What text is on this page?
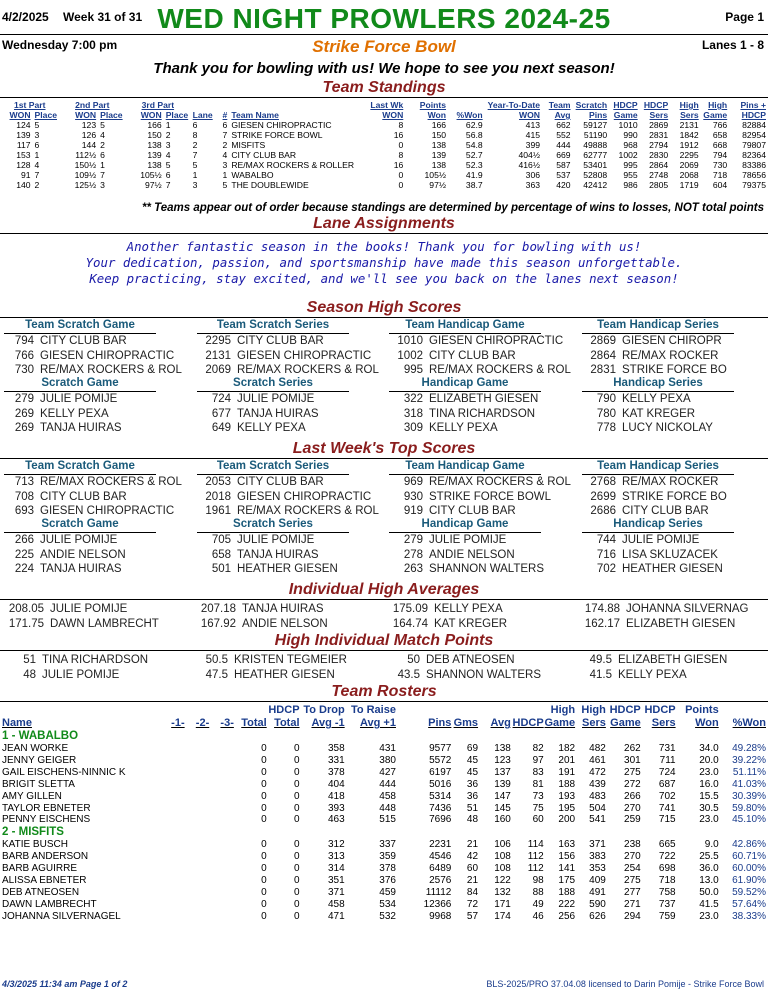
WED NIGHT PROWLERS 2024-25
4/2/2025 Week 31 of 31	Page 1
Wednesday 7:00 pm	Strike Force Bowl	Lanes 1 - 8
Thank you for bowling with us! We hope to see you next season!
Team Standings
1st Part		2nd Part		3rd Part					Last Wk	Points		Year-To-Date	Team	Scratch	HDCP	HDCP	High	High	Pins +
WON	Place	WON	Place	WON	Place	Lane	#	Team Name	WON	Won	%Won	WON	Avg	Pins	Game	Sers	Sers	Game	HDCP
124	5	123	5	166	1	6	6	GIESEN CHIROPRACTIC	8	166	62.9	413	662	59127	1010	2869	2131	766	82884
139	3	126	4	150	2	8	7	STRIKE FORCE BOWL	16	150	56.8	415	552	51190	990	2831	1842	658	82954
117	6	144	2	138	3	2	2	MISFITS	0	138	54.8	399	444	49888	968	2794	1912	668	79807
153	1	112½	6	139	4	7	4	CITY CLUB BAR	8	139	52.7	404½	669	62777	1002	2830	2295	794	82364
128	4	150½	1	138	5	5	3	RE/MAX ROCKERS & ROLLER	16	138	52.3	416½	587	53401	995	2864	2069	730	83386
91	7	109½	7	105½	6	1	1	WABALBO	0	105½	41.9	306	537	52808	955	2748	2068	718	78656
140	2	125½	3	97½	7	3	5	THE DOUBLEWIDE	0	97½	38.7	363	420	42412	986	2805	1719	604	79375
** Teams appear out of order because standings are determined by percentage of wins to losses, NOT total points
Lane Assignments
Another fantastic season in the books! Thank you for bowling with us!
Your dedication, passion, and sportsmanship have made this season unforgettable.
Keep practicing, stay excited, and we'll see you back on the lanes next season!
Season High Scores
Team Scratch Game	Team Scratch Series	Team Handicap Game	Team Handicap Series
794 CITY CLUB BAR	2295 CITY CLUB BAR	1010 GIESEN CHIROPRACTIC	2869 GIESEN CHIROPR
766 GIESEN CHIROPRACTIC	2131 GIESEN CHIROPRACTIC	1002 CITY CLUB BAR	2864 RE/MAX ROCKER
730 RE/MAX ROCKERS & ROL	2069 RE/MAX ROCKERS & ROL	995 RE/MAX ROCKERS & ROL	2831 STRIKE FORCE BO
Scratch Game	Scratch Series	Handicap Game	Handicap Series
279 JULIE POMIJE	724 JULIE POMIJE	322 ELIZABETH GIESEN	790 KELLY PEXA
269 KELLY PEXA	677 TANJA HUIRAS	318 TINA RICHARDSON	780 KAT KREGER
269 TANJA HUIRAS	649 KELLY PEXA	309 KELLY PEXA	778 LUCY NICKOLAY
Last Week's Top Scores
Team Scratch Game	Team Scratch Series	Team Handicap Game	Team Handicap Series
713 RE/MAX ROCKERS & ROL	2053 CITY CLUB BAR	969 RE/MAX ROCKERS & ROL	2768 RE/MAX ROCKER
708 CITY CLUB BAR	2018 GIESEN CHIROPRACTIC	930 STRIKE FORCE BOWL	2699 STRIKE FORCE BO
693 GIESEN CHIROPRACTIC	1961 RE/MAX ROCKERS & ROL	919 CITY CLUB BAR	2686 CITY CLUB BAR
Scratch Game	Scratch Series	Handicap Game	Handicap Series
266 JULIE POMIJE	705 JULIE POMIJE	279 JULIE POMIJE	744 JULIE POMIJE
225 ANDIE NELSON	658 TANJA HUIRAS	278 ANDIE NELSON	716 LISA SKLUZACEK
224 TANJA HUIRAS	501 HEATHER GIESEN	263 SHANNON WALTERS	702 HEATHER GIESEN
Individual High Averages
208.05 JULIE POMIJE	207.18 TANJA HUIRAS	175.09 KELLY PEXA	174.88 JOHANNA SILVERNAG
171.75 DAWN LAMBRECHT	167.92 ANDIE NELSON	164.74 KAT KREGER	162.17 ELIZABETH GIESEN
High Individual Match Points
51 TINA RICHARDSON	50.5 KRISTEN TEGMEIER	50 DEB ATNEOSEN	49.5 ELIZABETH GIESEN
48 JULIE POMIJE	47.5 HEATHER GIESEN	43.5 SHANNON WALTERS	41.5 KELLY PEXA
Team Rosters
					HDCP	To Drop	To Raise					High	High	HDCP	HDCP	Points	
Name	-1-	-2-	-3-	Total	Total	Avg -1	Avg +1	Pins	Gms	Avg	HDCP	Game	Sers	Game	Sers	Won	%Won
1 - WABALBO																	
JEAN WORKE				0	0	358	431	9577	69	138	82	182	482	262	731	34.0	49.28%
JENNY GEIGER				0	0	331	380	5572	45	123	97	201	461	301	711	20.0	39.22%
GAIL EISCHENS-NINNIC K				0	0	378	427	6197	45	137	83	191	472	275	724	23.0	51.11%
BRIGIT SLETTA				0	0	404	444	5016	36	139	81	188	439	272	687	16.0	41.03%
AMY GILLEN				0	0	418	458	5314	36	147	73	193	483	266	702	15.5	30.39%
TAYLOR EBNETER				0	0	393	448	7436	51	145	75	195	504	270	741	30.5	59.80%
PENNY EISCHENS				0	0	463	515	7696	48	160	60	200	541	259	715	23.0	45.10%
2 - MISFITS																	
KATIE BUSCH				0	0	312	337	2231	21	106	114	163	371	238	665	9.0	42.86%
BARB ANDERSON				0	0	313	359	4546	42	108	112	156	383	270	722	25.5	60.71%
BARB AGUIRRE				0	0	314	378	6489	60	108	112	141	353	254	698	36.0	60.00%
ALISSA EBNETER				0	0	351	376	2576	21	122	98	175	409	275	718	13.0	61.90%
DEB ATNEOSEN				0	0	371	459	11112	84	132	88	188	491	277	758	50.0	59.52%
DAWN LAMBRECHT				0	0	458	534	12366	72	171	49	222	590	271	737	41.5	57.64%
JOHANNA SILVERNAGEL				0	0	471	532	9968	57	174	46	256	626	294	759	23.0	38.33%
4/3/2025 11:34 am Page 1 of 2	BLS-2025/PRO 37.04.08 licensed to Darin Pomije - Strike Force Bowl
